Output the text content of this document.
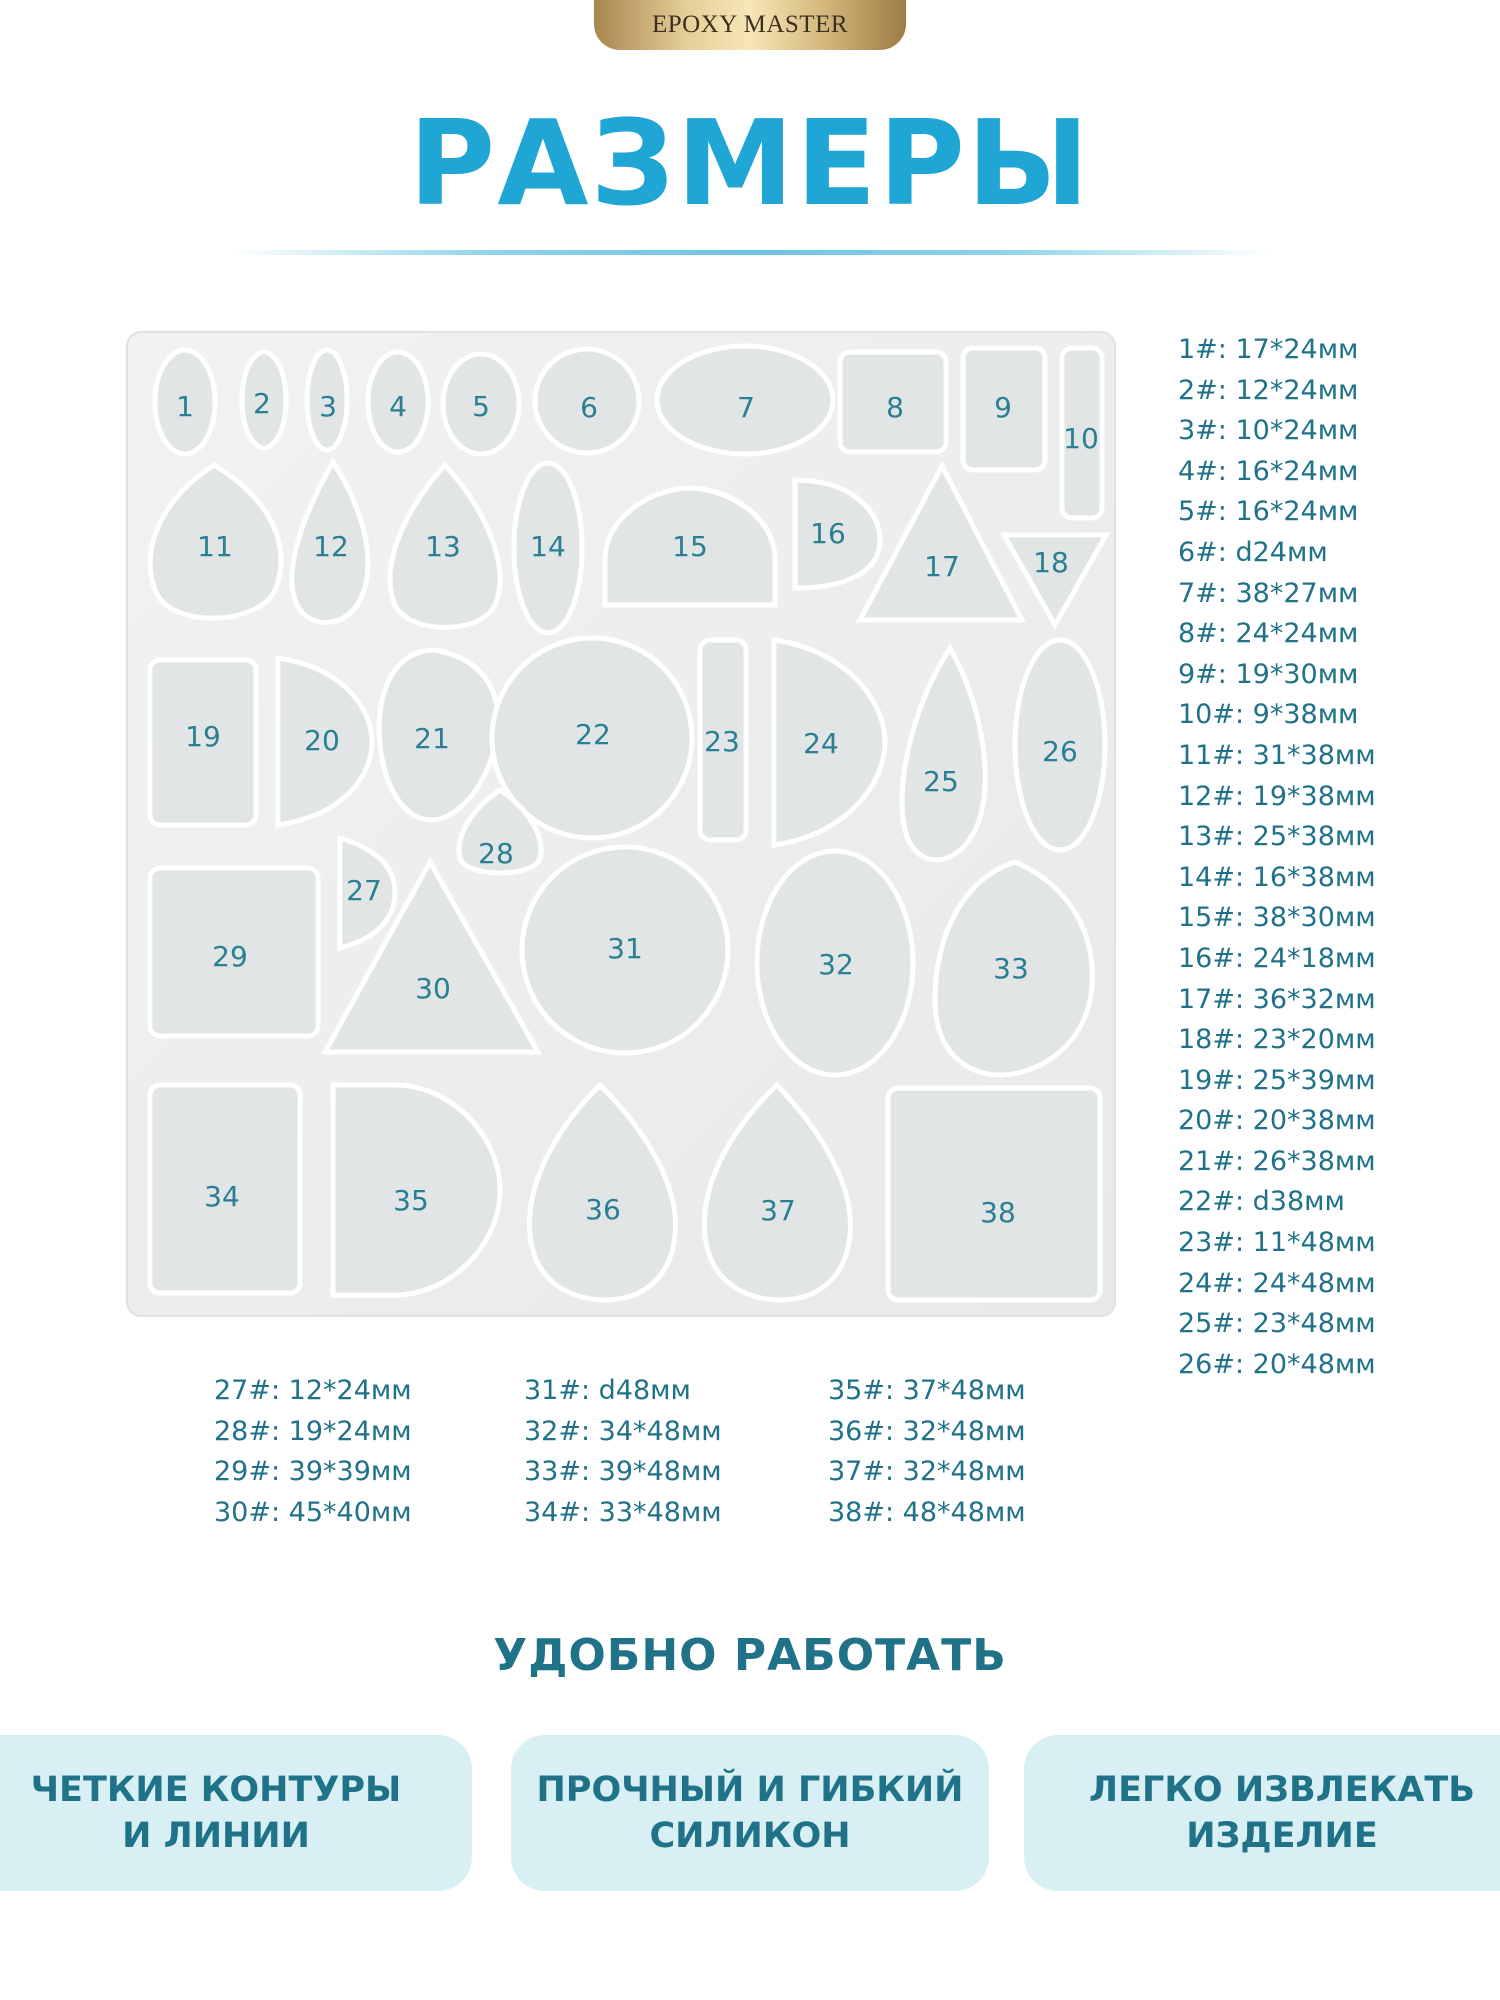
EPOXY MASTER
РАЗМЕРЫ
1 2 3 4 5	6	7	8	9
10
11	12	13 14	15	16
17	18
19	20	21	22	23 24
25
26
27
28
29
30
31	32	33
34	35	36	37	38
1#: 17*24мм
2#: 12*24мм
3#: 10*24мм
4#: 16*24мм
5#: 16*24мм
6#: d24мм
7#: 38*27мм
8#: 24*24мм
9#: 19*30мм
10#: 9*38мм
11#: 31*38мм
12#: 19*38мм
13#: 25*38мм
14#: 16*38мм
15#: 38*30мм
16#: 24*18мм
17#: 36*32мм
18#: 23*20мм
19#: 25*39мм
20#: 20*38мм
21#: 26*38мм
22#: d38мм
23#: 11*48мм
24#: 24*48мм
25#: 23*48мм
26#: 20*48мм
27#: 12*24мм
28#: 19*24мм
29#: 39*39мм
30#: 45*40мм
31#: d48мм
32#: 34*48мм
33#: 39*48мм
34#: 33*48мм
35#: 37*48мм
36#: 32*48мм
37#: 32*48мм
38#: 48*48мм
УДОБНО РАБОТАТЬ
ЧЕТКИЕ КОНТУРЫ
И ЛИНИИ
ПРОЧНЫЙ И ГИБКИЙ
СИЛИКОН
ЛЕГКО ИЗВЛЕКАТЬ
ИЗДЕЛИЕ
